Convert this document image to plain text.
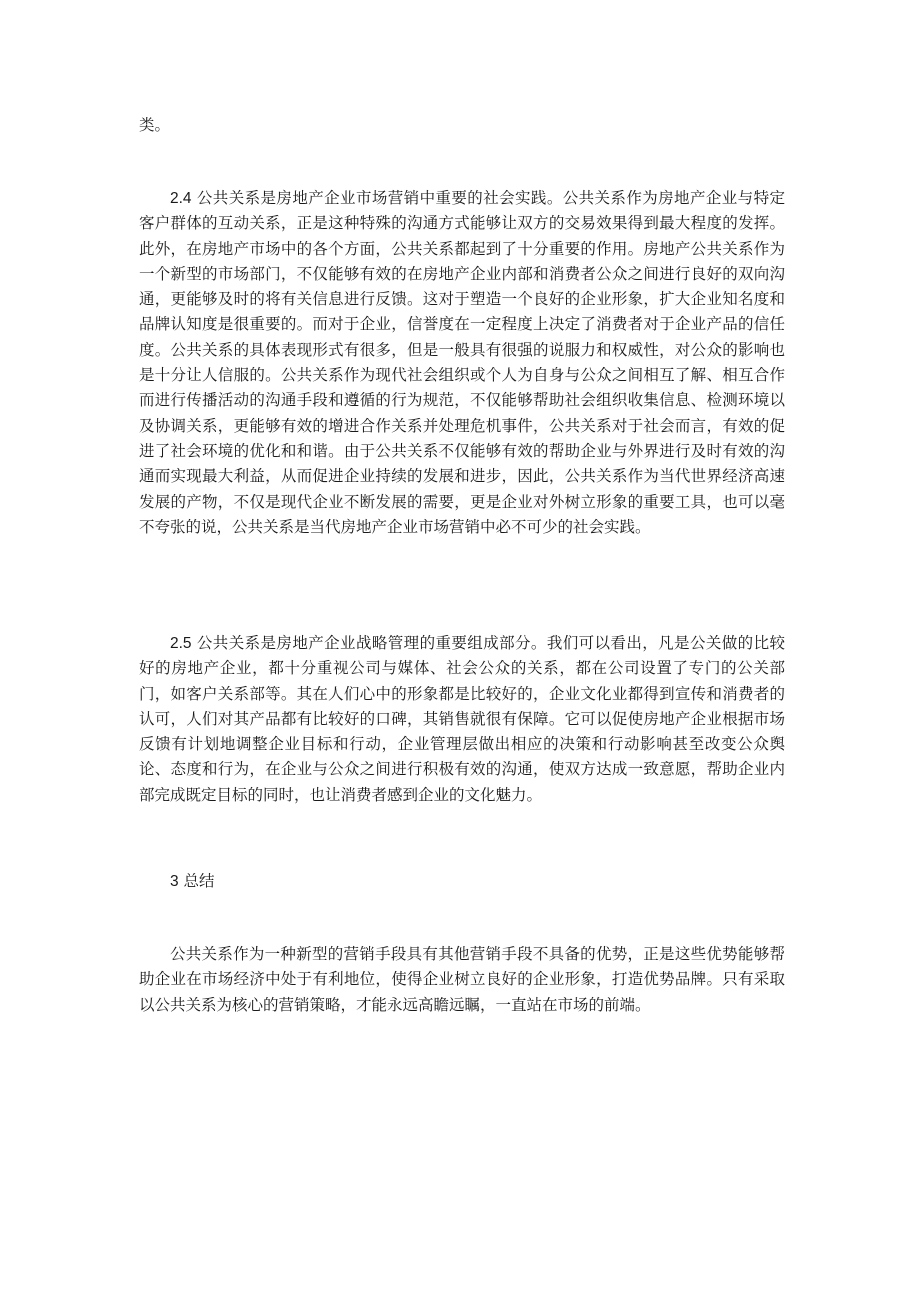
类。

2.4 公共关系是房地产企业市场营销中重要的社会实践。公共关系作为房地产企业与特定客户群体的互动关系，正是这种特殊的沟通方式能够让双方的交易效果得到最大程度的发挥。此外，在房地产市场中的各个方面，公共关系都起到了十分重要的作用。房地产公共关系作为一个新型的市场部门，不仅能够有效的在房地产企业内部和消费者公众之间进行良好的双向沟通，更能够及时的将有关信息进行反馈。这对于塑造一个良好的企业形象，扩大企业知名度和品牌认知度是很重要的。而对于企业，信誉度在一定程度上决定了消费者对于企业产品的信任度。公共关系的具体表现形式有很多，但是一般具有很强的说服力和权威性，对公众的影响也是十分让人信服的。公共关系作为现代社会组织或个人为自身与公众之间相互了解、相互合作而进行传播活动的沟通手段和遵循的行为规范，不仅能够帮助社会组织收集信息、检测环境以及协调关系，更能够有效的增进合作关系并处理危机事件，公共关系对于社会而言，有效的促进了社会环境的优化和和谐。由于公共关系不仅能够有效的帮助企业与外界进行及时有效的沟通而实现最大利益，从而促进企业持续的发展和进步，因此，公共关系作为当代世界经济高速发展的产物，不仅是现代企业不断发展的需要，更是企业对外树立形象的重要工具，也可以毫不夸张的说，公共关系是当代房地产企业市场营销中必不可少的社会实践。

2.5 公共关系是房地产企业战略管理的重要组成部分。我们可以看出，凡是公关做的比较好的房地产企业，都十分重视公司与媒体、社会公众的关系，都在公司设置了专门的公关部门，如客户关系部等。其在人们心中的形象都是比较好的，企业文化业都得到宣传和消费者的认可，人们对其产品都有比较好的口碑，其销售就很有保障。它可以促使房地产企业根据市场反馈有计划地调整企业目标和行动，企业管理层做出相应的决策和行动影响甚至改变公众舆论、态度和行为，在企业与公众之间进行积极有效的沟通，使双方达成一致意愿，帮助企业内部完成既定目标的同时，也让消费者感到企业的文化魅力。

3 总结

公共关系作为一种新型的营销手段具有其他营销手段不具备的优势，正是这些优势能够帮助企业在市场经济中处于有利地位，使得企业树立良好的企业形象，打造优势品牌。只有采取以公共关系为核心的营销策略，才能永远高瞻远瞩，一直站在市场的前端。
